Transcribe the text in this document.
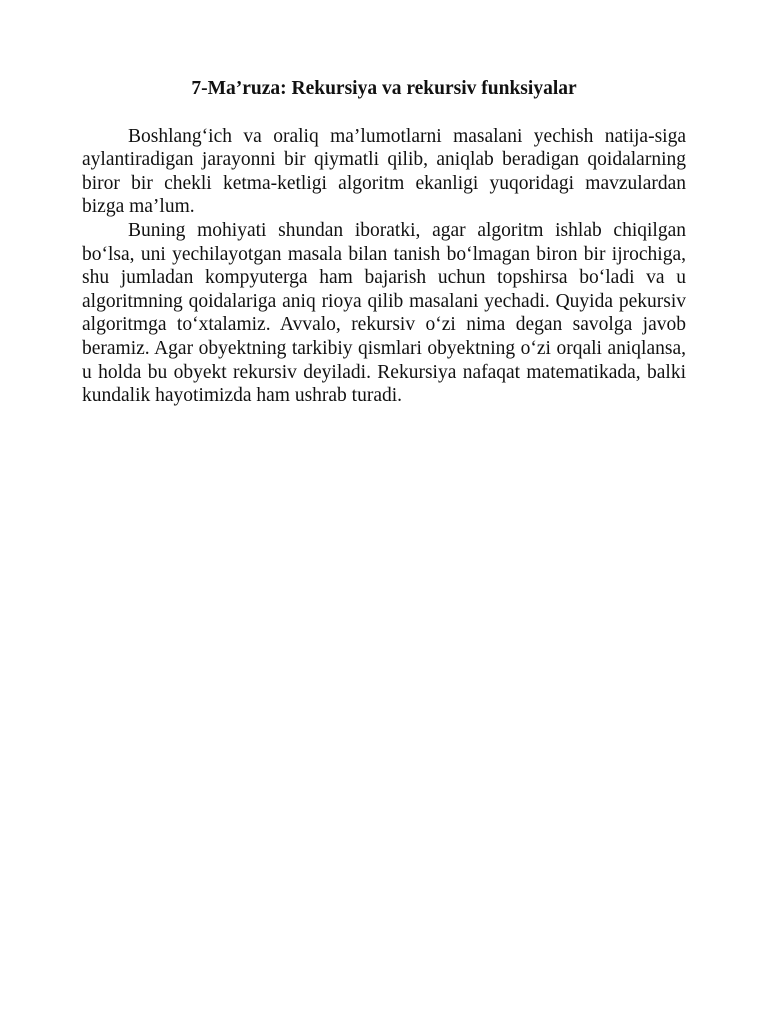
7-Ma’ruza: Rekursiya va rekursiv funksiyalar

Boshlang‘ich va oraliq ma’lumotlarni masalani yechish natija-siga aylantiradigan jarayonni bir qiymatli qilib, aniqlab beradigan qoidalarning biror bir chekli ketma-ketligi algoritm ekanligi yuqoridagi mavzulardan bizga ma’lum.

Buning mohiyati shundan iboratki, agar algoritm ishlab chiqilgan bo‘lsa, uni yechilayotgan masala bilan tanish bo‘lmagan biron bir ijrochiga, shu jumladan kompyuterga ham bajarish uchun topshirsa bo‘ladi va u algoritmning qoidalariga aniq rioya qilib masalani yechadi. Quyida pekursiv algoritmga to‘xtalamiz. Avvalo, rekursiv o‘zi nima degan savolga javob beramiz. Agar obyektning tarkibiy qismlari obyektning o‘zi orqali aniqlansa, u holda bu obyekt rekursiv deyiladi. Rekursiya nafaqat matematikada, balki kundalik hayotimizda ham ushrab turadi.
